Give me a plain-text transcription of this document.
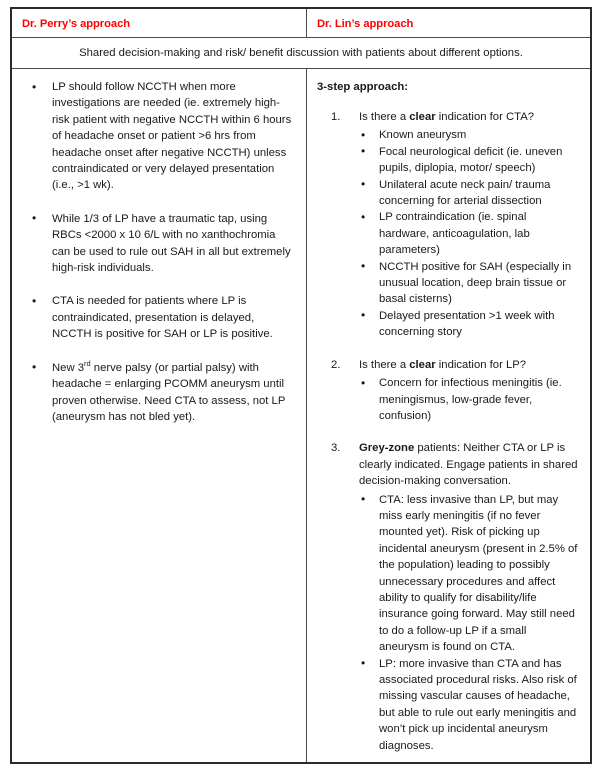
Dr. Perry’s approach	Dr. Lin’s approach
Shared decision-making and risk/ benefit discussion with patients about different options.
• LP should follow NCCTH when more investigations are needed (ie. extremely high-risk patient with negative NCCTH within 6 hours of headache onset or patient >6 hrs from headache onset after negative NCCTH) unless contraindicated or very delayed presentation (i.e., >1 wk).
• While 1/3 of LP have a traumatic tap, using RBCs <2000 x 10 6/L with no xanthochromia can be used to rule out SAH in all but extremely high-risk individuals.
• CTA is needed for patients where LP is contraindicated, presentation is delayed, NCCTH is positive for SAH or LP is positive.
• New 3rd nerve palsy (or partial palsy) with headache = enlarging PCOMM aneurysm until proven otherwise. Need CTA to assess, not LP (aneurysm has not bled yet).
3-step approach:
Is there a clear indication for CTA?
• Known aneurysm
• Focal neurological deficit (ie. uneven pupils, diplopia, motor/ speech)
• Unilateral acute neck pain/ trauma concerning for arterial dissection
• LP contraindication (ie. spinal hardware, anticoagulation, lab parameters)
• NCCTH positive for SAH (especially in unusual location, deep brain tissue or basal cisterns)
• Delayed presentation >1 week with concerning story
Is there a clear indication for LP?
• Concern for infectious meningitis (ie. meningismus, low-grade fever, confusion)
Grey-zone patients: Neither CTA or LP is clearly indicated. Engage patients in shared decision-making conversation.
• CTA: less invasive than LP, but may miss early meningitis (if no fever mounted yet). Risk of picking up incidental aneurysm (present in 2.5% of the population) leading to possibly unnecessary procedures and affect ability to qualify for disability/life insurance going forward. May still need to do a follow-up LP if a small aneurysm is found on CTA.
• LP: more invasive than CTA and has associated procedural risks. Also risk of missing vascular causes of headache, but able to rule out early meningitis and won’t pick up incidental aneurysm diagnoses.
